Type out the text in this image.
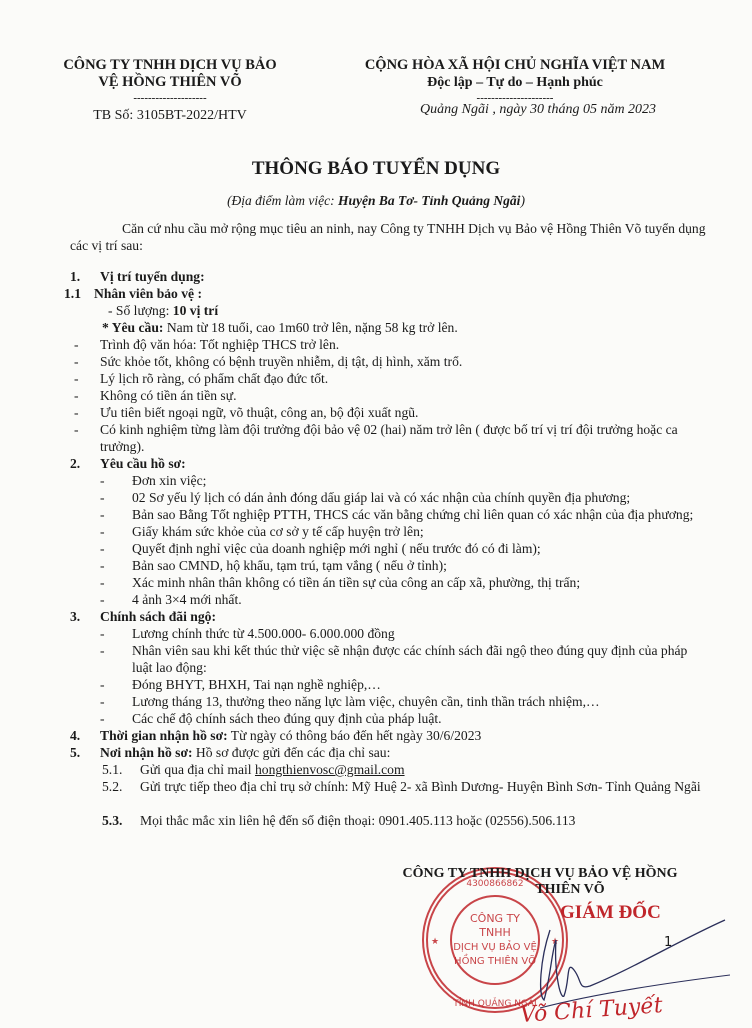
CÔNG TY TNHH DỊCH VỤ BẢO
VỆ HỒNG THIÊN VÕ
--------------------
TB Số: 3105BT-2022/HTV
CỘNG HÒA XÃ HỘI CHỦ NGHĨA VIỆT NAM
Độc lập – Tự do – Hạnh phúc
---------------------
Quảng Ngãi , ngày 30 tháng 05 năm 2023
THÔNG BÁO TUYỂN DỤNG
(Địa điểm làm việc: Huyện Ba Tơ- Tỉnh Quảng Ngãi)

Căn cứ nhu cầu mở rộng mục tiêu an ninh, nay Công ty TNHH Dịch vụ Bảo vệ Hồng Thiên Võ tuyển dụng các vị trí sau:

1.	Vị trí tuyển dụng:
1.1 Nhân viên bảo vệ :

- Số lượng: 10 vị trí

* Yêu cầu: Nam từ 18 tuổi, cao 1m60 trở lên, nặng 58 kg trở lên.

-	Trình độ văn hóa: Tốt nghiệp THCS trở lên.
-	Sức khỏe tốt, không có bệnh truyền nhiễm, dị tật, dị hình, xăm trổ.
-	Lý lịch rõ ràng, có phẩm chất đạo đức tốt.
-	Không có tiền án tiền sự.
-	Ưu tiên biết ngoại ngữ, võ thuật, công an, bộ đội xuất ngũ.
-	Có kinh nghiệm từng làm đội trưởng đội bảo vệ 02 (hai) năm trở lên ( được bố trí vị trí đội trưởng hoặc ca trưởng).
2.	Yêu cầu hồ sơ:
-	Đơn xin việc;
-	02 Sơ yếu lý lịch có dán ảnh đóng dấu giáp lai và có xác nhận của chính quyền địa phương;
-	Bản sao Bằng Tốt nghiệp PTTH, THCS các văn bằng chứng chỉ liên quan có xác nhận của địa phương;
-	Giấy khám sức khỏe của cơ sở y tế cấp huyện trở lên;
-	Quyết định nghỉ việc của doanh nghiệp mới nghỉ ( nếu trước đó có đi làm);
-	Bản sao CMND, hộ khẩu, tạm trú, tạm vắng ( nếu ở tỉnh);
-	Xác minh nhân thân không có tiền án tiền sự của công an cấp xã, phường, thị trấn;
-	4 ảnh 3×4 mới nhất.
3.	Chính sách đãi ngộ:
-	Lương chính thức từ 4.500.000- 6.000.000 đồng
-	Nhân viên sau khi kết thúc thử việc sẽ nhận được các chính sách đãi ngộ theo đúng quy định của pháp luật lao động:
-	Đóng BHYT, BHXH, Tai nạn nghề nghiệp,…
-	Lương tháng 13, thưởng theo năng lực làm việc, chuyên cần, tinh thần trách nhiệm,…
-	Các chế độ chính sách theo đúng quy định của pháp luật.
4.	Thời gian nhận hồ sơ: Từ ngày có thông báo đến hết ngày 30/6/2023
5.	Nơi nhận hồ sơ: Hồ sơ được gửi đến các địa chỉ sau:
5.1.	Gửi qua địa chỉ mail hongthienvosc@gmail.com
5.2.	Gửi trực tiếp theo địa chỉ trụ sở chính: Mỹ Huệ 2- xã Bình Dương- Huyện Bình Sơn- Tỉnh Quảng Ngãi
5.3.	Mọi thắc mắc xin liên hệ đến số điện thoại: 0901.405.113 hoặc (02556).506.113
CÔNG TY
TNHH
DỊCH VỤ BẢO VỆ
HỒNG THIÊN VÕ
4300866862
TỈNH QUẢNG NGÃI
★	★
CÔNG TY TNHH DỊCH VỤ BẢO VỆ HỒNG
THIÊN VÕ
GIÁM ĐỐC
1
Võ Chí Tuyết
